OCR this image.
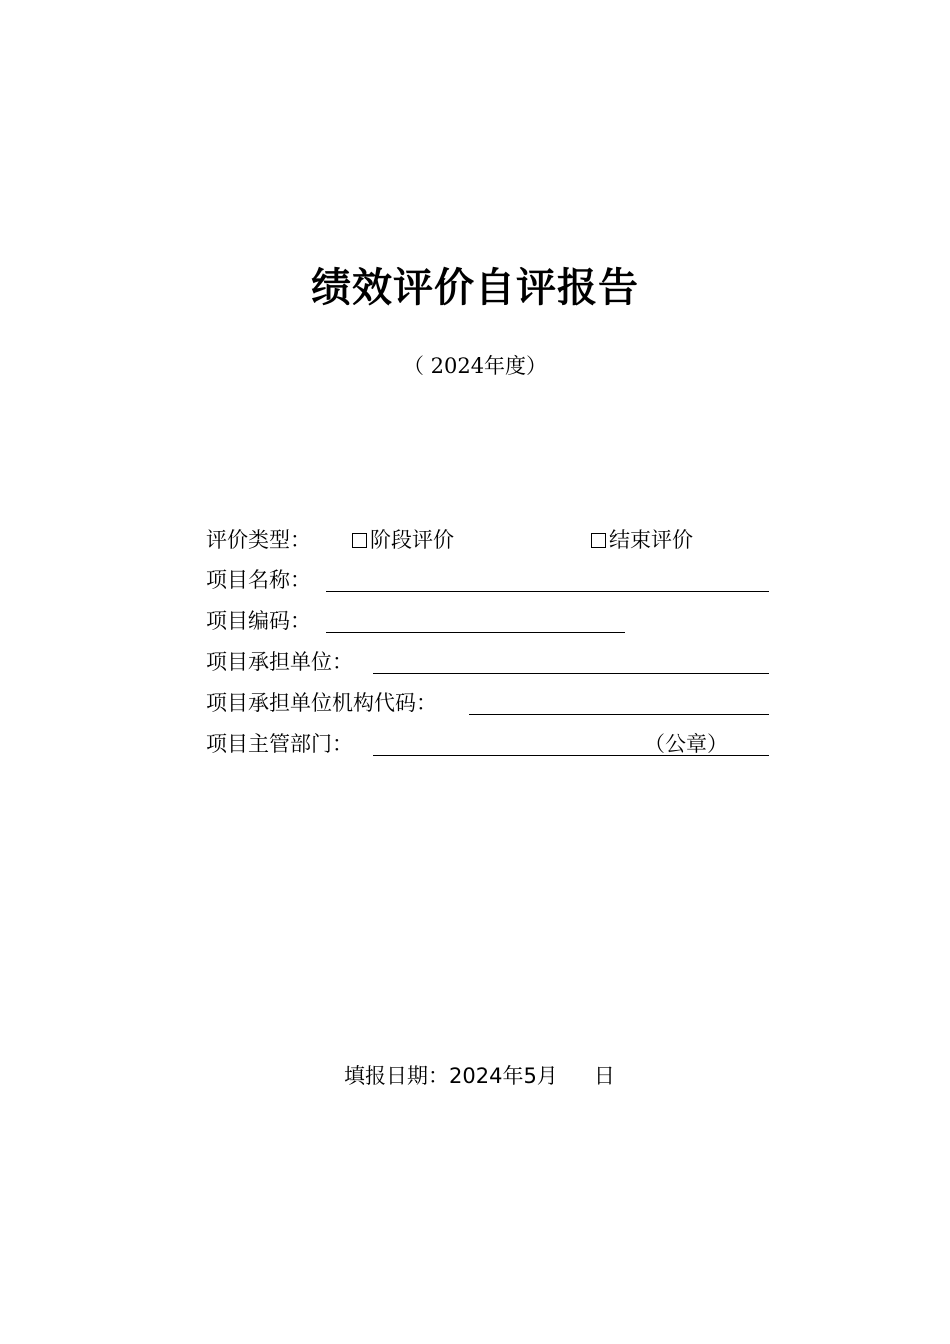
绩效评价自评报告
（ 2024年度）
评价类型：	阶段评价	结束评价
项目名称：
项目编码：
项目承担单位：
项目承担单位机构代码：
项目主管部门：	（公章）
填报日期：2024年5月 日
